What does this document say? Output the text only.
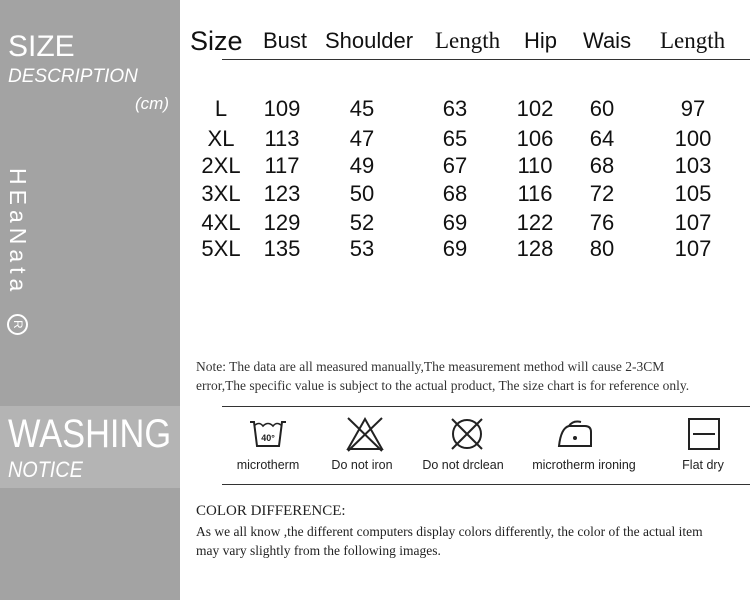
SIZE
DESCRIPTION
(cm)
HEaNata R
WASHING
NOTICE
Size Bust Shoulder Length Hip Wais Length
L	109	45	63	102	60	97
XL	113	47	65	106	64	100
2XL	117	49	67	110	68	103
3XL	123	50	68	116	72	105
4XL	129	52	69	122	76	107
5XL	135	53	69	128	80	107
Note: The data are all measured manually,The measurement method will cause 2-3CM
error,The specific value is subject to the actual product, The size chart is for reference only.
40°
microtherm	Do not iron	Do not drclean	microtherm ironing	Flat dry
COLOR DIFFERENCE:
As we all know ,the different computers display colors differently, the color of the actual item
may vary slightly from the following images.
